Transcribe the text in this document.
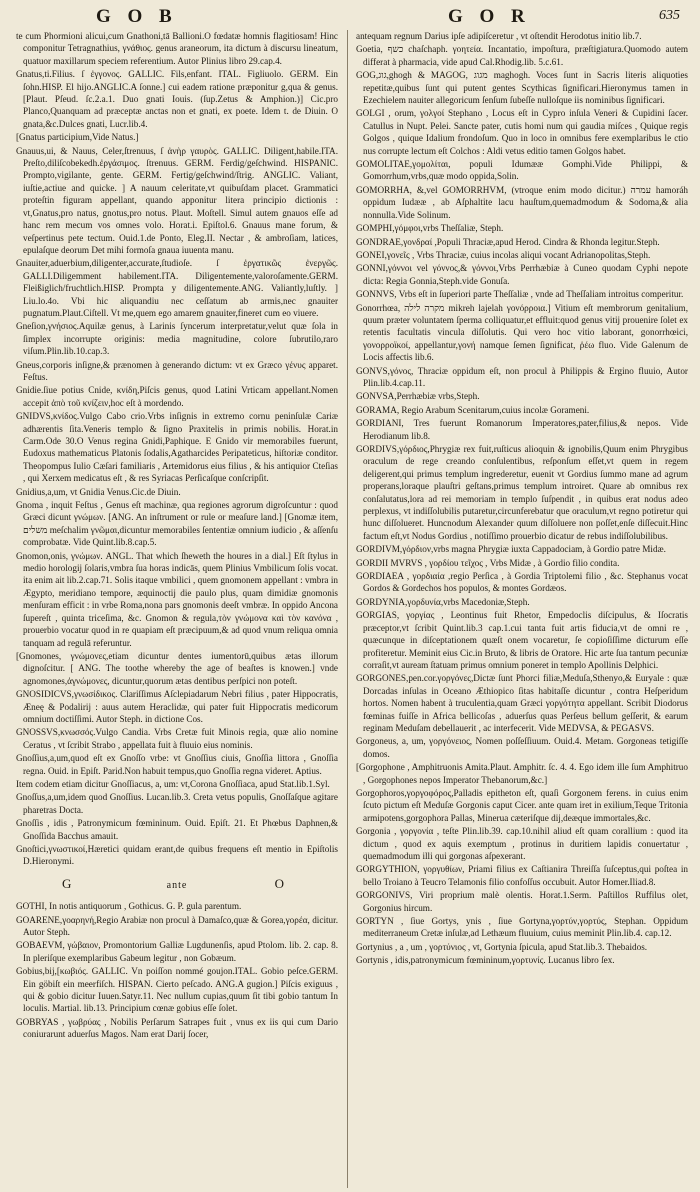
G O B	G O R	635

te cum Phormioni alicui,cum Gnathoni,tā Ballioni.O fœdatæ homnis flagitiosam! Hinc componitur Tetragnathius, γνάθιος. genus araneorum, ita dictum à discursu lineatum, quatuor maxillarum speciem referentium. Autor Plinius libro 29.cap.4.

Gnatus,ti.Filius. ſ ἐγγονος. GALLIC. Fils,enfant. ITAL. Figliuolo. GERM. Ein ſohn.HISP. El hijo.ANGLIC.A ſonne.] cui eadem ratione præponitur g,qua & genus. [Plaut. Pſeud. ſc.2.a.1. Duo gnati Iouis. (ſup.Zetus & Amphion.)] Cic.pro Planco,Quanquam ad præceptæ anctas non et gnati, ex poete. Idem t. de Diuin. O gnata,&c.Dulces gnati, Lucr.lib.4.

[Gnatus participium,Vide Natus.]

Gnauus,ui, & Nauus, Celer,ſtrenuus, ſ ἀνὴρ γαυρὸς. GALLIC. Diligent,habile.ITA. Preſto,diliſcobekedh.ἐργάσιμος. ſtrenuus. GERM. Ferdig/geſchwind. HISPANIC. Prompto,vigilante, gente. GERM. Fertig/geſchwind/ſtrig. ANGLIC. Valiant, iuſtie,actiue and quicke. ] A nauum celeritate,vt quibuſdam placet. Grammatici proteſtin figuram appellant, quando apponitur litera principio dictionis : vt,Gnatus,pro natus, gnotus,pro notus. Plaut. Moſtell. Simul autem gnauos eſſe ad hanc rem mecum vos omnes volo. Horat.i. Epiſtol.6. Gnauus mane forum, & veſpertinus pete tectum. Ouid.1.de Ponto, Eleg.II. Nectar , & ambroſiam, latices, epulaſque deorum Det mihi formoſa gnaua iuuenta manu.

Gnauiter,aduerbium,diligenter,accurate,ſtudioſe. ſ ἐργατικῶς ἐνεργῶς. GALLI.Diligemment habilement.ITA. Diligentemente,valoroſamente.GERM. Fleißiglich/fruchtlich.HISP. Prompta y diligentemente.ANG. Valiantly,luſtly. ] Liu.lo.4o. Vbi hic aliquandiu nec ceſſatum ab armis,nec gnauiter pugnatum.Plaut.Ciſtell. Vt me,quem ego amarem gnauiter,fineret cum eo viuere.

Gneſion,γνήσιος.Aquilæ genus, à Larinis ſyncerum interpretatur,velut quæ ſola in ſimplex incorrupte originis: media magnitudine, colore ſubrutilo,raro viſum.Plin.lib.10.cap.3.

Gneus,corporis inſigne,& prænomen à generando dictum: vt ex Græco γένυς apparet. Feſtus.

Gnidie.ſiue potius Cnide, κνίδη,Piſcis genus, quod Latini Vrticam appellant.Nomen accepit ἀπὸ τοῦ κνίζειν,hoc eſt à mordendo.

GNIDVS,κνίδος.Vulgo Cabo crio.Vrbs inſignis in extremo cornu peninſulæ Cariæ adhærentis ſita.Veneris templo & ſigno Praxitelis in primis nobilis. Horat.in Carm.Ode 30.O Venus regina Gnidi,Paphique. E Gnido vir memorabiles fuerunt, Eudoxus mathematicus Platonis ſodalis,Agatharcides Peripateticus, hiſtoriæ conditor. Theopompus Iulio Cæſari familiaris , Artemidorus eius filius , & his antiquior Cteſias , qui Xerxem medicatus eſt , & res Syriacas Perſicaſque conſcripſit.

Gnidius,a,um, vt Gnidia Venus.Cic.de Diuin.

Gnoma , inquit Feſtus , Genus eſt machinæ, qua regiones agrorum digroſcuntur : quod Græci dicunt γνώμων. [ANG. An inſtrument or rule or meaſure land.] [Gnomæ item, משלים meſchalim γνῶμαι,dicuntur memorabiles ſententiæ omnium iudicio , & aſſenſu comprobatæ. Vide Quint.lib.8.cap.5.

Gnomon,onis, γνώμων. ANGL. That which ſheweth the houres in a dial.] Eſt ſtylus in medio horologij ſolaris,vmbra ſua horas indicās, quem Plinius Vmbilicum ſolis vocat. ita enim ait lib.2.cap.71. Solis itaque vmbilici , quem gnomonem appellant : vmbra in Ægypto, meridiano tempore, æquinoctij die paulo plus, quam dimidiæ gnomonis menſuram efficit : in vrbe Roma,nona pars gnomonis deeſt vmbræ. In oppido Ancona ſupereſt , quinta triceſima, &c. Gnomon & regula,τὸν γνώμονα καὶ τὸν κανόνα , prouerbio vocatur quod in re quapiam eſt præcipuum,& ad quod vnum reliqua omnia tanquam ad regulā referuntur.

[Gnomones, γνώμονες,etiam dicuntur dentes iumentorū,quibus ætas illorum dignoſcitur. [ ANG. The toothe whereby the age of beaſtes is knowen.] vnde agnomones,ἀγνώμονες, dicuntur,quorum ætas dentibus perſpici non poteſt.

GNOSIDICVS,γνωσίδικος. Clariſſimus Aſclepiadarum Nebri filius , pater Hippocratis, Æneę & Podalirij : auus autem Heraclidæ, qui pater fuit Hippocratis medicorum omnium doctiſſimi. Autor Steph. in dictione Cos.

GNOSSVS,κνωσσός.Vulgo Candia. Vrbs Cretæ fuit Minois regia, quæ alio nomine Ceratus , vt ſcribit Strabo , appellata fuit à fluuio eius nominis.

Gnoſſius,a,um,quod eſt ex Gnoſſo vrbe: vt Gnoſſius ciuis, Gnoſſia littora , Gnoſſia regna. Ouid. in Epiſt. Parid.Non habuit tempus,quo Gnoſſia regna videret. Aptius.

Item codem etiam dicitur Gnoſſiacus, a, um: vt,Corona Gnoſſiaca, apud Stat.lib.1.Syl.

Gnoſſus,a,um,idem quod Gnoſſius. Lucan.lib.3. Creta vetus populis, Gnoſſaſque agitare pharetras Docta.

Gnoſſis , idis , Patronymicum fœmininum. Ouid. Epiſt. 21. Et Phœbus Daphnen,& Gnoſſida Bacchus amauit.

Gnoſtici,γνωστικοί,Hæretici quidam erant,de quibus frequens eſt mentio in Epiſtolis D.Hieronymi.

G	ante	O

GOTHI, In notis antiquorum , Gothicus. G. P. gula parentum.

GOARENE,γοαρηνή,Regio Arabiæ non procul à Damaſco,quæ & Gorea,γορέα, dicitur. Autor Steph.

GOBAEVM, γώβαιον, Promontorium Galliæ Lugdunenſis, apud Ptolom. lib. 2. cap. 8. In pleriſque exemplaribus Gabeum legitur , non Gobæum.

Gobius,bij,[κωβιός. GALLIC. Vn poiſſon nommé goujon.ITAL. Gobio peſce.GERM. Ein göbiſt ein meerfiſch. HISPAN. Cierto peſcado. ANG.A gugion.] Piſcis exiguus , qui & gobio dicitur Iuuen.Satyr.11. Nec nullum cupias,quum ſit tibi gobio tantum In loculis. Martial. lib.13. Principium cœnæ gobius eſſe ſolet.

GOBRYAS , γωβρύας , Nobilis Perſarum Satrapes fuit , vnus ex iis qui cum Dario coniurarunt aduerſus Magos. Nam erat Darij ſocer,

antequam regnum Darius ipſe adipiſceretur , vt oſtendit Herodotus initio lib.7.

Goetia, כשף chaſchaph. γοητεία. Incantatio, impoſtura, præſtigiatura.Quomodo autem differat à pharmacia, vide apud Cal.Rhodig.lib. 5.c.61.

GOG,גוג,ghogh & MAGOG, מגוג maghogh. Voces ſunt in Sacris literis aliquoties repetitæ,quibus ſunt qui putent gentes Scythicas ſignificari.Hieronymus tamen in Ezechielem nauiter allegoricum ſenſum ſubeſſe nulloſque iis nominibus ſignificari.

GOLGI , orum, γολγοί Stephano , Locus eſt in Cypro inſula Veneri & Cupidini ſacer. Catullus in Nupt. Pelei. Sancte pater, cutis homi num qui gaudia miſces , Quique regis Golgos , quique Idalium frondoſum. Quo in loco in omnibus fere exemplaribus le ctio nus corrupte lectum eſt Colchos : Aldi vetus editio tamen Golgos habet.

GOMOLITAE,γομολίται, populi Idumææ Gomphi.Vide Philippi, & Gomorrhum,vrbs,quæ modo oppida,Solin.

GOMORRHA, &,vel GOMORRHVM, (vtroque enim modo dicitur.) עמרה hamoráh oppidum Iudææ , ab Aſphaltite lacu hauſtum,quemadmodum & Sodoma,& alia nonnulla.Vide Solinum.

GOMPHI,γόμφοι,vrbs Theſſaliæ, Steph.

GONDRAE,γονδραί ,Populi Thraciæ,apud Herod. Cindra & Rhonda legitur.Steph.

GONEI,γονεῖς , Vrbs Thraciæ, cuius incolas aliqui vocant Adrianopolitas,Steph.

GONNI,γόννοι vel γόννος,& γόννοι,Vrbs Perrhæbiæ à Cuneo quodam Cyphi nepote dicta: Regia Gonnia,Steph.vide Gonuſa.

GONNVS, Vrbs eſt in ſuperiori parte Theſſaliæ , vnde ad Theſſaliam introitus comperitur.

Gonorrhœa, מקרה לילה mikreh lajelah γονόρροια.] Vitium eſt membrorum genitalium, quum præter voluntatem ſperma colliquatur,et effluit:quod genus vitij prouenire ſolet ex retentis facultatis vincula diſſolutis. Qui vero hoc vitio laborant, gonorrhœici, γονορροϊκοί, appellantur,γονή namque ſemen ſignificat, ῥέω fluo. Vide Galenum de Locis affectis lib.6.

GONVS,γόνος, Thraciæ oppidum eſt, non procul à Philippis & Ergino fluuio, Autor Plin.lib.4.cap.11.

GONVSA,Perrhæbiæ vrbs,Steph.

GORAMA, Regio Arabum Scenitarum,cuius incolæ Gorameni.

GORDIANI, Tres fuerunt Romanorum Imperatores,pater,filius,& nepos. Vide Herodianum lib.8.

GORDIVS,γόρδιος,Phrygiæ rex fuit,ruſticus alioquin & ignobilis,Quum enim Phrygibus oraculum de rege creando conſulentibus, reſponſum eſſet,vt quem in regem deligerent,qui primus templum ingrederetur, euenit vt Gordius ſummo mane ad agrum properans,loraque plauſtri geſtans,primus templum introiret. Quare ab omnibus rex conſalutatus,lora ad rei memoriam in templo ſuſpendit , in quibus erat nodus adeo perplexus, vt indiſſolubilis putaretur,circunferebatur que oraculum,vt regno potiretur qui hunc diſſolueret. Huncnodum Alexander quum diſſoluere non poſſet,enſe diſſecuit.Hinc factum eſt,vt Nodus Gordius , notiſſimo prouerbio dicatur de rebus indiſſolubilibus.

GORDIVM,γόρδιον,vrbs magna Phrygiæ iuxta Cappadociam, à Gordio patre Midæ.

GORDII MVRVS , γορδίου τεῖχος , Vrbs Midæ , à Gordio filio condita.

GORDIAEA , γορδιαία ,regio Perſica , à Gordia Triptolemi filio , &c. Stephanus vocat Gordos & Gordechos hos populos, & montes Gordæos.

GORDYNIA,γορδυνία,vrbs Macedoniæ,Steph.

GORGIAS, γοργίας , Leontinus fuit Rhetor, Empedoclis diſcipulus, & Iſocratis præceptor,vt ſcribit Quint.lib.3 cap.1.cui tanta fuit artis fiducia,vt de omni re , quæcunque in diſceptationem quæſt onem vocaretur, ſe copioſiſſime dicturum eſſe profiteretur. Meminit eius Cic.in Bruto, & libris de Oratore. Hic arte ſua tantum pecuniæ corraſit,vt auream ſtatuam primus omnium poneret in templo Apollinis Delphici.

GORGONES,pen.cor.γοργόνες,Dictæ ſunt Phorci filiæ,Meduſa,Sthenyo,& Euryale : quæ Dorcadas inſulas in Oceano Æthiopico ſitas habitaſſe dicuntur , contra Heſperidum hortos. Nomen habent à truculentia,quam Græci γοργότητα appellant. Scribit Diodorus fœminas fuiſſe in Africa bellicoſas , aduerſus quas Perſeus bellum geſſerit, & earum reginam Meduſam debellauerit , ac interfecerit. Vide MEDVSA, & PEGASVS.

Gorgoneus, a, um, γοργόνειος, Nomen poſſeſſiuum. Ouid.4. Metam. Gorgoneas tetigiſſe domos.

[Gorgophone , Amphitruonis Amita.Plaut. Amphitr. ſc. 4. 4. Ego idem ille ſum Amphitruo , Gorgophones nepos Imperator Thebanorum,&c.]

Gorgophoros,γοργοφόρος,Palladis epitheton eſt, quaſi Gorgonem ferens. in cuius enim ſcuto pictum eſt Meduſæ Gorgonis caput Cicer. ante quam iret in exilium,Teque Tritonia armipotens,gorgophora Pallas, Minerua cæteriſque dij,deæque immortales,&c.

Gorgonia , γοργονία , teſte Plin.lib.39. cap.10.nihil aliud eſt quam corallium : quod ita dictum , quod ex aquis exemptum , protinus in duritiem lapidis conuertatur , quemadmodum illi qui gorgonas aſpexerant.

GORGYTHION, γοργυθίων, Priami filius ex Caſtianira Threiſſa ſuſceptus,qui poſtea in bello Troiano à Teucro Telamonis filio confoſſus occubuit. Autor Homer.Iliad.8.

GORGONIVS, Viri proprium malè olentis. Horat.1.Serm. Paſtillos Ruffilus olet, Gorgonius hircum.

GORTYN , ſiue Gortys, ynis , ſiue Gortyna,γορτύν,γορτύς, Stephan. Oppidum mediterraneum Cretæ inſulæ,ad Lethæum fluuium, cuius meminit Plin.lib.4. cap.12.

Gortynius , a , um , γορτύνιος , vt, Gortynia ſpicula, apud Stat.lib.3. Thebaidos.

Gortynis , idis,patronymicum fœmininum,γορτυνίς. Lucanus libro ſex.
